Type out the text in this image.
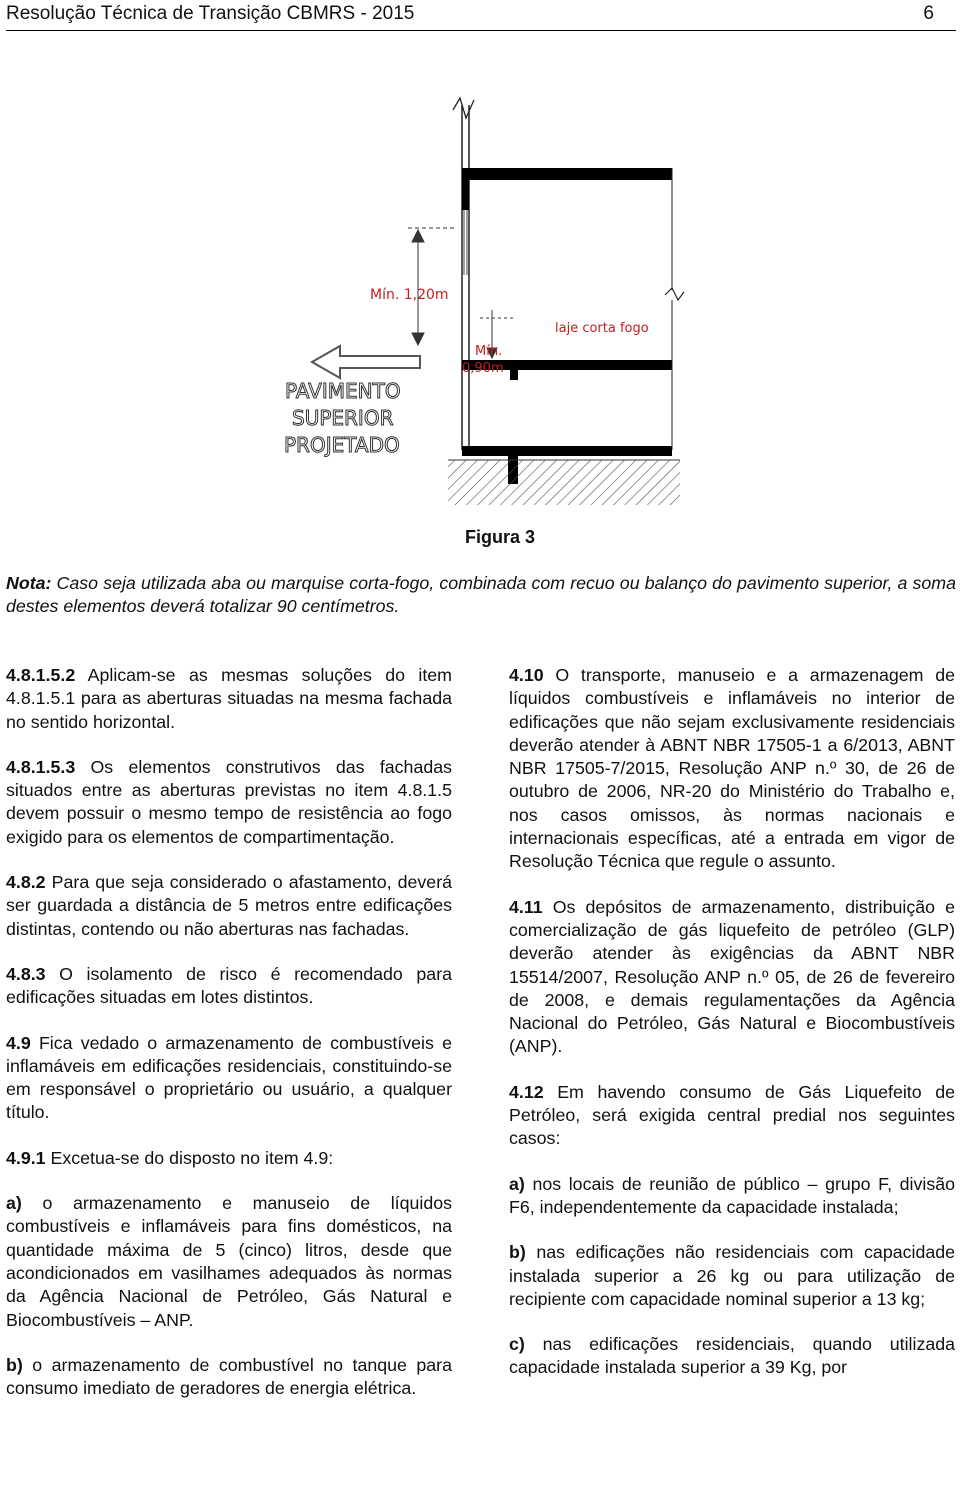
Resolução Técnica de Transição CBMRS - 2015	6
Mín. 1,20m
laje corta fogo
Mín.
0,90m
PAVIMENTO
SUPERIOR
PROJETADO
Figura 3
Nota: Caso seja utilizada aba ou marquise corta-fogo, combinada com recuo ou balanço do pavimento superior, a soma destes elementos deverá totalizar 90 centímetros.

4.8.1.5.2 Aplicam-se as mesmas soluções do item 4.8.1.5.1 para as aberturas situadas na mesma fachada no sentido horizontal.

4.8.1.5.3 Os elementos construtivos das fachadas situados entre as aberturas previstas no item 4.8.1.5 devem possuir o mesmo tempo de resistência ao fogo exigido para os elementos de compartimentação.

4.8.2 Para que seja considerado o afastamento, deverá ser guardada a distância de 5 metros entre edificações distintas, contendo ou não aberturas nas fachadas.

4.8.3 O isolamento de risco é recomendado para edificações situadas em lotes distintos.

4.9 Fica vedado o armazenamento de combustíveis e inflamáveis em edificações residenciais, constituindo-se em responsável o proprietário ou usuário, a qualquer título.

4.9.1 Excetua-se do disposto no item 4.9:

a) o armazenamento e manuseio de líquidos combustíveis e inflamáveis para fins domésticos, na quantidade máxima de 5 (cinco) litros, desde que acondicionados em vasilhames adequados às normas da Agência Nacional de Petróleo, Gás Natural e Biocombustíveis – ANP.

b) o armazenamento de combustível no tanque para consumo imediato de geradores de energia elétrica.

4.10 O transporte, manuseio e a armazenagem de líquidos combustíveis e inflamáveis no interior de edificações que não sejam exclusivamente residenciais deverão atender à ABNT NBR 17505-1 a 6/2013, ABNT NBR 17505-7/2015, Resolução ANP n.º 30, de 26 de outubro de 2006, NR-20 do Ministério do Trabalho e, nos casos omissos, às normas nacionais e internacionais específicas, até a entrada em vigor de Resolução Técnica que regule o assunto.

4.11 Os depósitos de armazenamento, distribuição e comercialização de gás liquefeito de petróleo (GLP) deverão atender às exigências da ABNT NBR 15514/2007, Resolução ANP n.º 05, de 26 de fevereiro de 2008, e demais regulamentações da Agência Nacional do Petróleo, Gás Natural e Biocombustíveis (ANP).

4.12 Em havendo consumo de Gás Liquefeito de Petróleo, será exigida central predial nos seguintes casos:

a) nos locais de reunião de público – grupo F, divisão F6, independentemente da capacidade instalada;

b) nas edificações não residenciais com capacidade instalada superior a 26 kg ou para utilização de recipiente com capacidade nominal superior a 13 kg;

c) nas edificações residenciais, quando utilizada capacidade instalada superior a 39 Kg, por
